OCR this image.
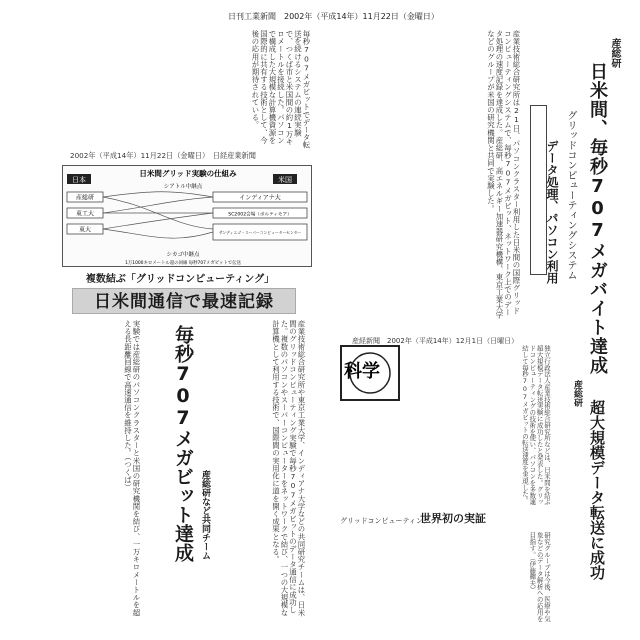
日刊工業新聞　2002年（平成14年）11月22日（金曜日）
産総研
日米間、毎秒707メガバイト達成
グリッドコンピューティングシステム
データ処理、パソコン利用
産業技術総合研究所は21日、パソコンクラスター利用した日米間の国際グリッドコンピューティングシステムで、毎秒707メガビット、ネットワーク上でのデータ処理の速度記録を達成した。産総研、高エネルギー加速器研究機構、東京工業大学などのグループが米国の研究機関と共同で実験した。
毎秒707メガビットでデータ転送を続けるシステムの連続実験で、つくば市と米国間の約1万キロメートルを接続した。パソコンで構成した大規模な計算機資源を国際的に共有する技術として、今後の応用が期待されている。
2002年（平成14年）11月22日（金曜日）　日経産業新聞
日本	米国
日米間グリッド実験の仕組み
シアトル中継点
シカゴ中継点
産総研
東工大
東大
インディアナ大
SC2002会場（ボルティモア）
サンディエゴ・スーパーコンピューターセンター
1万1000キロメートル超の回線 毎秒707メガビットで伝送
複数結ぶ「グリッドコンピューティング」
日米間通信で最速記録
毎秒707メガビット達成 産総研など共同チーム	産業技術総合研究所や東京工業大学、インディアナ大学などの共同研究チームは、日米間のグリッドコンピューティング実験で毎秒707メガビットのデータ通信に成功した。複数のパソコンやスーパーコンピューターをネットワークで結び、一つの大規模な計算機として利用する技術で、国際間の実用化に道を開く成果となる。
実験では産総研のパソコンクラスターと米国の研究機関を結び、一万キロメートルを超える長距離回線で高速通信を維持した。（つくば）	産経新聞　2002年（平成14年）12月1日（日曜日）
科学
産総研
超大規模データ転送に成功
グリッドコンピューティング
世界初の実証
独立行政法人産業技術総合研究所などは、日米間を結ぶ超大規模データ転送実験に成功したと発表した。グリッドコンピューティングの技術を使い、パソコンを多数連結して毎秒707メガビットの転送速度を実現した。
研究グループは今後、医療や気象などのデータ解析への応用を目指す。（伊藤輝夫）
